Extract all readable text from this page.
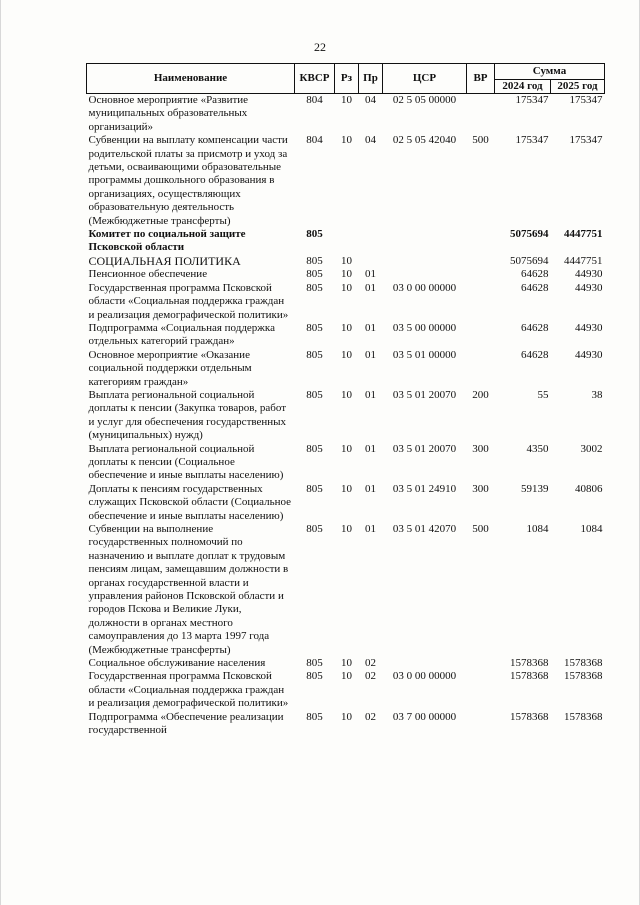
22
Наименование	КВСР	Рз	Пр	ЦСР	ВР	Сумма	
						2024 год	2025 год
Основное мероприятие «Развитие муниципальных образовательных организаций»	804	10	04	02 5 05 00000		175347	175347
Субвенции на выплату компенсации части родительской платы за присмотр и уход за детьми, осваивающими образовательные программы дошкольного образования в организациях, осуществляющих образовательную деятельность (Межбюджетные трансферты)	804	10	04	02 5 05 42040	500	175347	175347
Комитет по социальной защите Псковской области	805					5075694	4447751
СОЦИАЛЬНАЯ ПОЛИТИКА	805	10				5075694	4447751
Пенсионное обеспечение	805	10	01			64628	44930
Государственная программа Псковской области «Социальная поддержка граждан и реализация демографической политики»	805	10	01	03 0 00 00000		64628	44930
Подпрограмма «Социальная поддержка отдельных категорий граждан»	805	10	01	03 5 00 00000		64628	44930
Основное мероприятие «Оказание социальной поддержки отдельным категориям граждан»	805	10	01	03 5 01 00000		64628	44930
Выплата региональной социальной доплаты к пенсии (Закупка товаров, работ и услуг для обеспечения государственных (муниципальных) нужд)	805	10	01	03 5 01 20070	200	55	38
Выплата региональной социальной доплаты к пенсии (Социальное обеспечение и иные выплаты населению)	805	10	01	03 5 01 20070	300	4350	3002
Доплаты к пенсиям государственных служащих Псковской области (Социальное обеспечение и иные выплаты населению)	805	10	01	03 5 01 24910	300	59139	40806
Субвенции на выполнение государственных полномочий по назначению и выплате доплат к трудовым пенсиям лицам, замещавшим должности в органах государственной власти и управления районов Псковской области и городов Пскова и Великие Луки, должности в органах местного самоуправления до 13 марта 1997 года (Межбюджетные трансферты)	805	10	01	03 5 01 42070	500	1084	1084
Социальное обслуживание населения	805	10	02			1578368	1578368
Государственная программа Псковской области «Социальная поддержка граждан и реализация демографической политики»	805	10	02	03 0 00 00000		1578368	1578368
Подпрограмма «Обеспечение реализации государственной	805	10	02	03 7 00 00000		1578368	1578368
